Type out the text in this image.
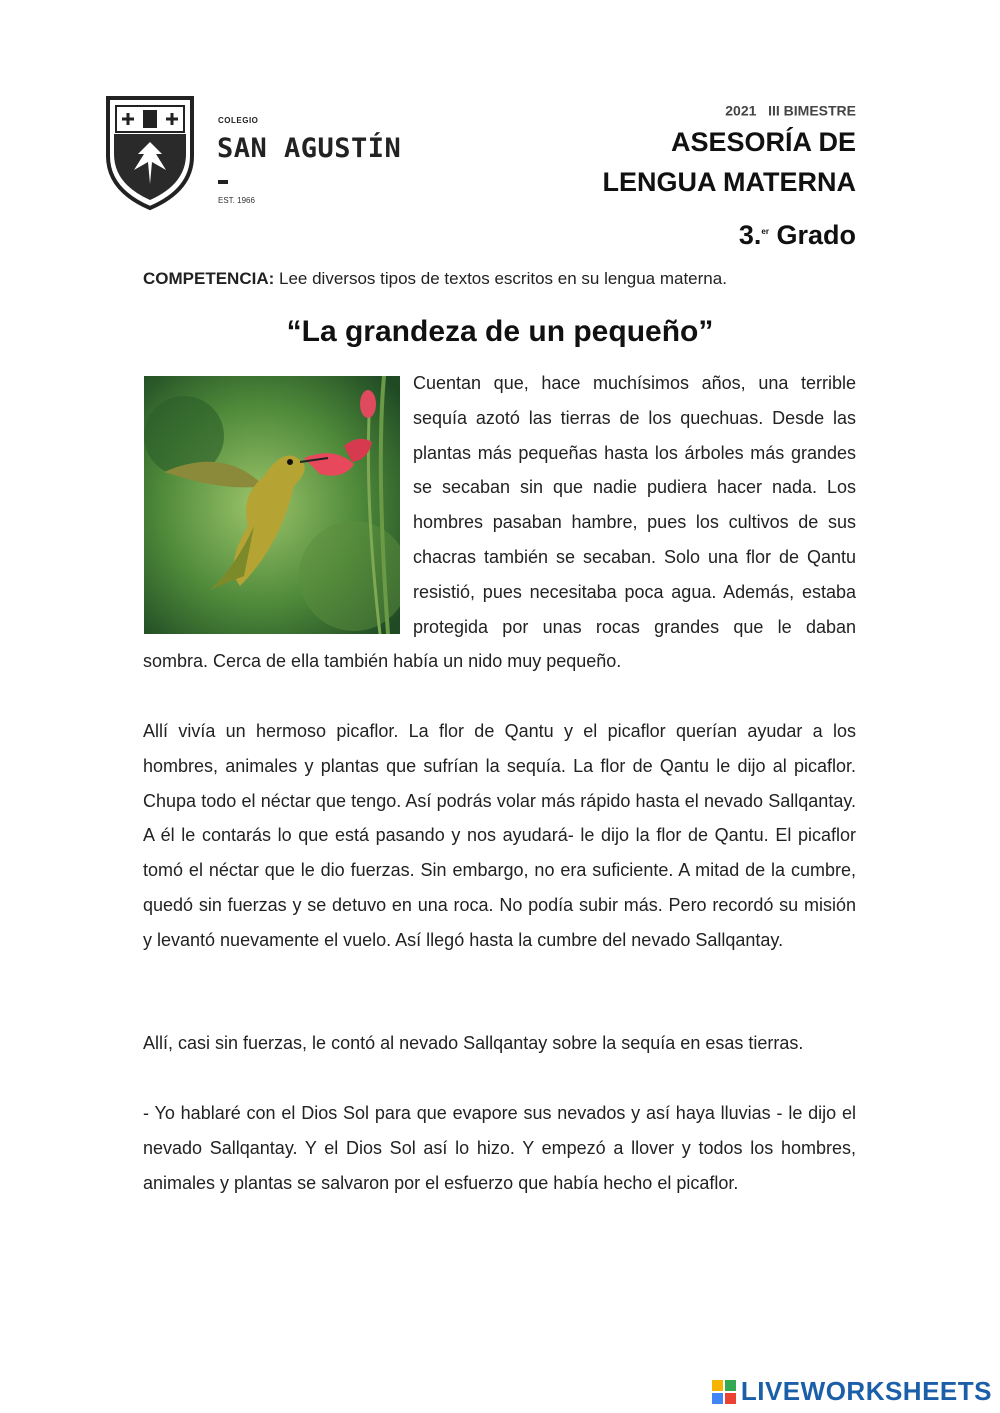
COLEGIO
SAN AGUSTÍN
EST. 1966
2021 III BIMESTRE
ASESORÍA DE
LENGUA MATERNA
3.$^{er}$ Grado
COMPETENCIA: Lee diversos tipos de textos escritos en su lengua materna.
“La grandeza de un pequeño”
Cuentan que, hace muchísimos años, una terrible sequía azotó las tierras de los quechuas. Desde las plantas más pequeñas hasta los árboles más grandes se secaban sin que nadie pudiera hacer nada. Los hombres pasaban hambre, pues los cultivos de sus chacras también se secaban. Solo una flor de Qantu resistió, pues necesitaba poca agua. Además, estaba protegida por unas rocas grandes que le daban sombra. Cerca de ella también había un nido muy pequeño.
Allí vivía un hermoso picaflor. La flor de Qantu y el picaflor querían ayudar a los hombres, animales y plantas que sufrían la sequía. La flor de Qantu le dijo al picaflor. Chupa todo el néctar que tengo. Así podrás volar más rápido hasta el nevado Sallqantay. A él le contarás lo que está pasando y nos ayudará- le dijo la flor de Qantu. El picaflor tomó el néctar que le dio fuerzas. Sin embargo, no era suficiente. A mitad de la cumbre, quedó sin fuerzas y se detuvo en una roca. No podía subir más. Pero recordó su misión y levantó nuevamente el vuelo. Así llegó hasta la cumbre del nevado Sallqantay.
Allí, casi sin fuerzas, le contó al nevado Sallqantay sobre la sequía en esas tierras.
- Yo hablaré con el Dios Sol para que evapore sus nevados y así haya lluvias - le dijo el nevado Sallqantay. Y el Dios Sol así lo hizo. Y empezó a llover y todos los hombres, animales y plantas se salvaron por el esfuerzo que había hecho el picaflor.
LIVEWORKSHEETS
